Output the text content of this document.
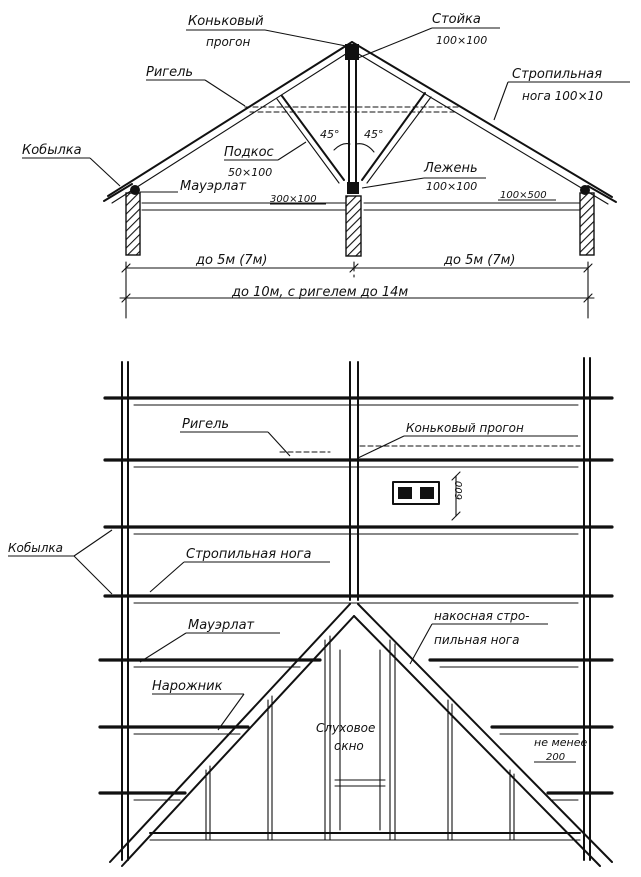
Коньковый
прогон
Стойка
100×100
Ригель	Стропильная
нога 100×10
Кобылка	Подкос
50×100
45° 45°
Мауэрлат
300×100
Лежень
100×100
100×500
до 5м (7м)	до 5м (7м)
до 10м, с ригелем до 14м
Ригель	Коньковый прогон
600
Кобылка	Стропильная нога
Мауэрлат
накосная стро-
пильная нога
Нарожник
Слуховое
окно	не менее
200
